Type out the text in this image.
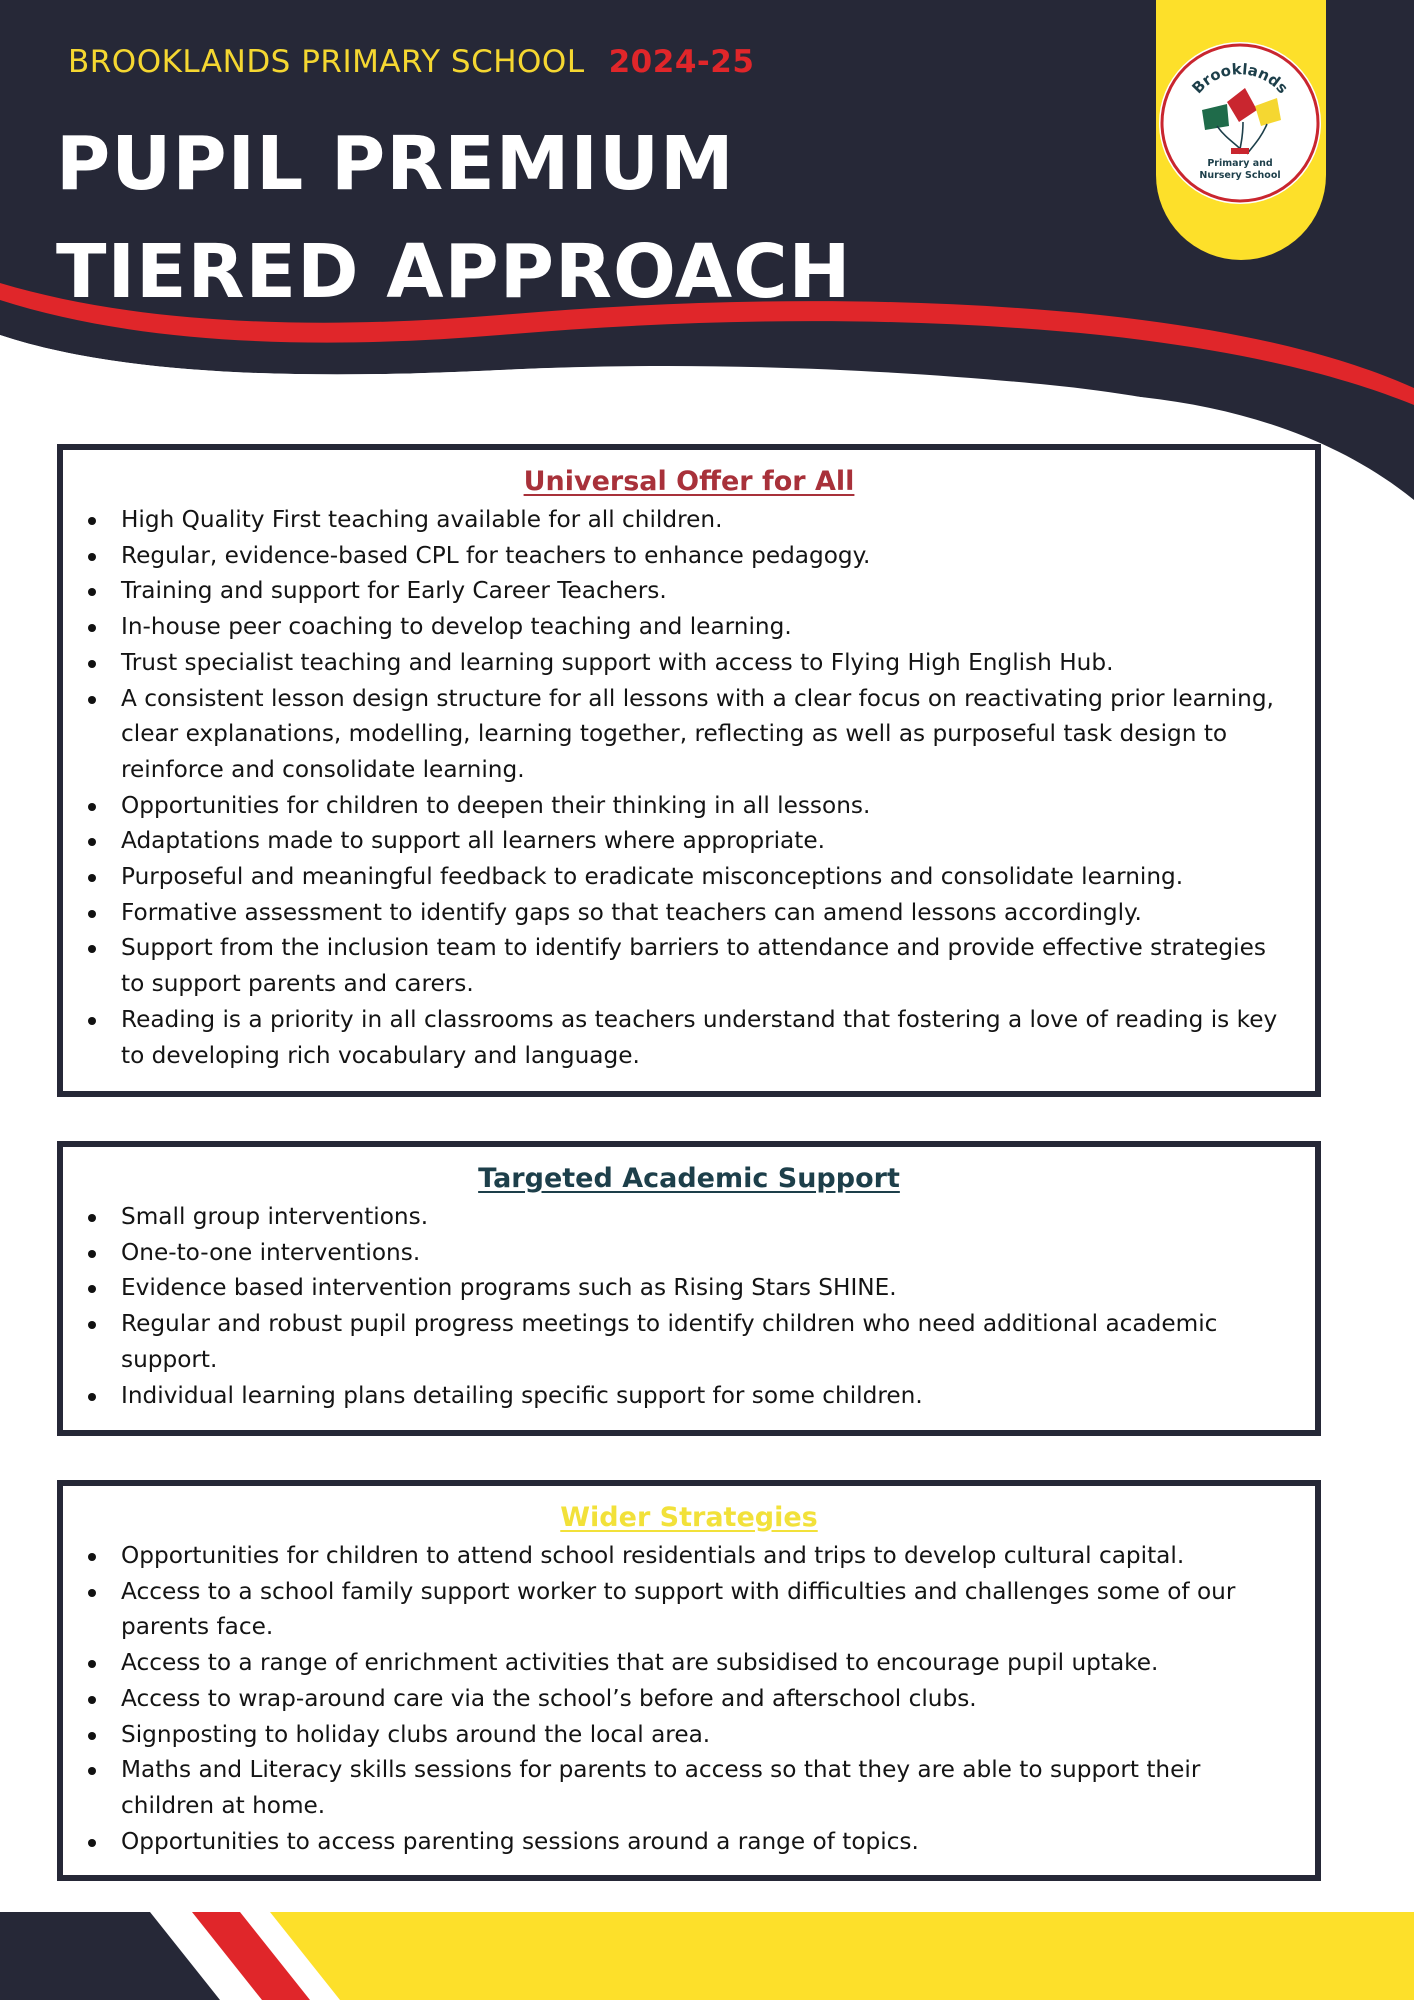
BROOKLANDS PRIMARY SCHOOL 2024-25
PUPIL PREMIUM
TIERED APPROACH
Brooklands
Primary and
Nursery School
Universal Offer for All
High Quality First teaching available for all children.
Regular, evidence-based CPL for teachers to enhance pedagogy.
Training and support for Early Career Teachers.
In-house peer coaching to develop teaching and learning.
Trust specialist teaching and learning support with access to Flying High English Hub.
A consistent lesson design structure for all lessons with a clear focus on reactivating prior learning, clear explanations, modelling, learning together, reflecting as well as purposeful task design to reinforce and consolidate learning.
Opportunities for children to deepen their thinking in all lessons.
Adaptations made to support all learners where appropriate.
Purposeful and meaningful feedback to eradicate misconceptions and consolidate learning.
Formative assessment to identify gaps so that teachers can amend lessons accordingly.
Support from the inclusion team to identify barriers to attendance and provide effective strategies to support parents and carers.
Reading is a priority in all classrooms as teachers understand that fostering a love of reading is key to developing rich vocabulary and language.
Targeted Academic Support
Small group interventions.
One-to-one interventions.
Evidence based intervention programs such as Rising Stars SHINE.
Regular and robust pupil progress meetings to identify children who need additional academic support.
Individual learning plans detailing specific support for some children.
Wider Strategies
Opportunities for children to attend school residentials and trips to develop cultural capital.
Access to a school family support worker to support with difficulties and challenges some of our parents face.
Access to a range of enrichment activities that are subsidised to encourage pupil uptake.
Access to wrap-around care via the school’s before and afterschool clubs.
Signposting to holiday clubs around the local area.
Maths and Literacy skills sessions for parents to access so that they are able to support their children at home.
Opportunities to access parenting sessions around a range of topics.
